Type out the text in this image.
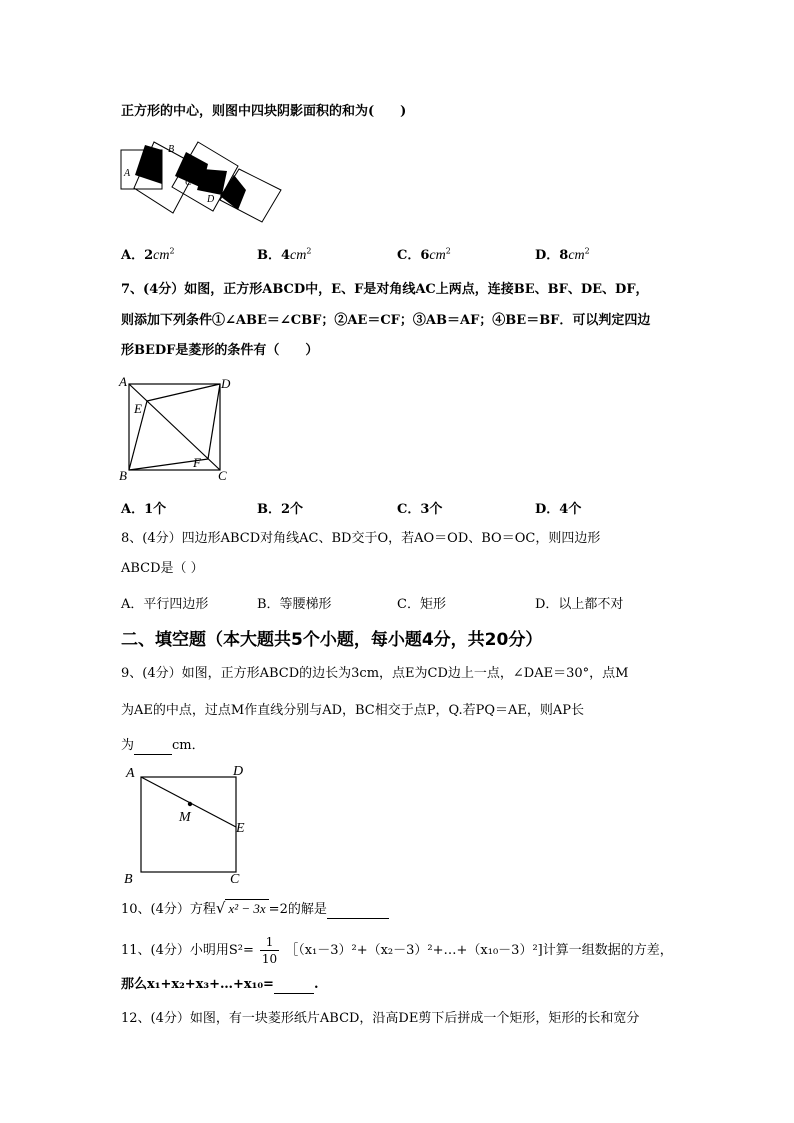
正方形的中心，则图中四块阴影面积的和为(　　)
A
B
C
D
A．$2cm^2$	B．$4cm^2$	C．$6cm^2$	D．$8cm^2$
7、(4分）如图，正方形ABCD中，E、F是对角线AC上两点，连接BE、BF、DE、DF，
则添加下列条件①∠ABE＝∠CBF；②AE＝CF；③AB＝AF；④BE＝BF．可以判定四边
形BEDF是菱形的条件有（　　）
A	D
E
F
B	C
A．1个	B．2个	C．3个	D．4个
8、(4分）四边形ABCD对角线AC、BD交于O，若AO＝OD、BO＝OC，则四边形
ABCD是（ ）
A．平行四边形	B．等腰梯形	C．矩形	D．以上都不对
二、填空题（本大题共5个小题，每小题4分，共20分）
9、(4分）如图，正方形ABCD的边长为3cm，点E为CD边上一点，∠DAE＝30°，点M
为AE的中点，过点M作直线分别与AD，BC相交于点P，Q.若PQ＝AE，则AP长
为	cm．
A	D
M
E
B	C
10、(4分）方程√ x² − 3x =2的解是
11、(4分）小明用$S^2= \frac{1}{10}$ ［（x₁－3）²+（x₂－3）²+…+（x₁₀－3）²]计算一组数据的方差，
那么x₁+x₂+x₃+…+x₁₀=	.
12、(4分）如图，有一块菱形纸片ABCD，沿高DE剪下后拼成一个矩形，矩形的长和宽分
